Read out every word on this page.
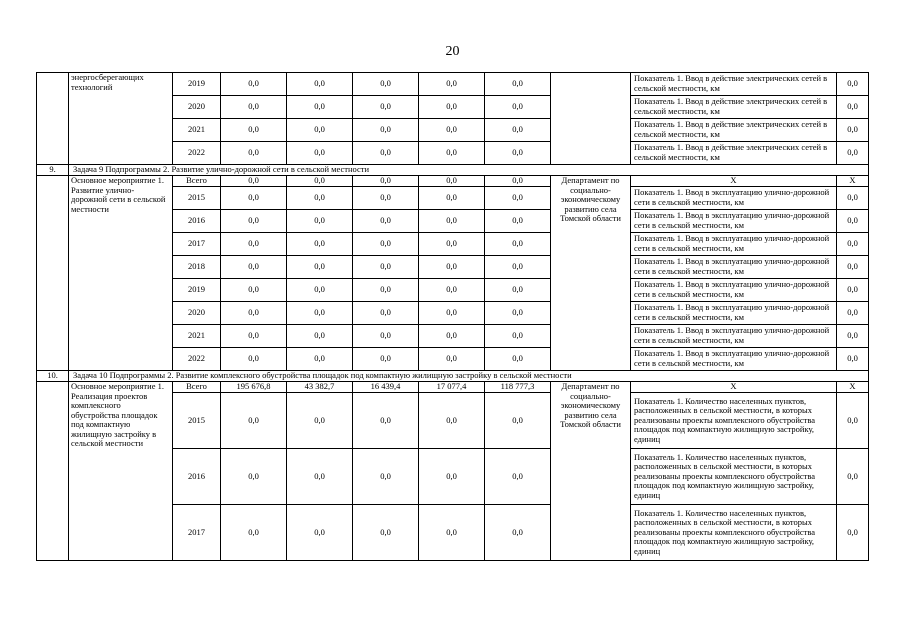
20
	энергосберегающих технологий	2019	0,0	0,0	0,0	0,0	0,0		Показатель 1. Ввод в действие электрических сетей в сельской местности, км	0,0
		2020	0,0	0,0	0,0	0,0	0,0		Показатель 1. Ввод в действие электрических сетей в сельской местности, км	0,0
		2021	0,0	0,0	0,0	0,0	0,0		Показатель 1. Ввод в действие электрических сетей в сельской местности, км	0,0
		2022	0,0	0,0	0,0	0,0	0,0		Показатель 1. Ввод в действие электрических сетей в сельской местности, км	0,0
9.	Задача 9 Подпрограммы 2. Развитие улично-дорожной сети в сельской местности									
	Основное мероприятие 1. Развитие улично-дорожной сети в сельской местности	Всего	0,0	0,0	0,0	0,0	0,0	Департамент по социально-экономическому развитию села Томской области	Х	Х
		2015	0,0	0,0	0,0	0,0	0,0		Показатель 1. Ввод в эксплуатацию улично-дорожной сети в сельской местности, км	0,0
		2016	0,0	0,0	0,0	0,0	0,0		Показатель 1. Ввод в эксплуатацию улично-дорожной сети в сельской местности, км	0,0
		2017	0,0	0,0	0,0	0,0	0,0		Показатель 1. Ввод в эксплуатацию улично-дорожной сети в сельской местности, км	0,0
		2018	0,0	0,0	0,0	0,0	0,0		Показатель 1. Ввод в эксплуатацию улично-дорожной сети в сельской местности, км	0,0
		2019	0,0	0,0	0,0	0,0	0,0		Показатель 1. Ввод в эксплуатацию улично-дорожной сети в сельской местности, км	0,0
		2020	0,0	0,0	0,0	0,0	0,0		Показатель 1. Ввод в эксплуатацию улично-дорожной сети в сельской местности, км	0,0
		2021	0,0	0,0	0,0	0,0	0,0		Показатель 1. Ввод в эксплуатацию улично-дорожной сети в сельской местности, км	0,0
		2022	0,0	0,0	0,0	0,0	0,0		Показатель 1. Ввод в эксплуатацию улично-дорожной сети в сельской местности, км	0,0
10.	Задача 10 Подпрограммы 2. Развитие комплексного обустройства площадок под компактную жилищную застройку в сельской местности									
	Основное мероприятие 1. Реализация проектов комплексного обустройства площадок под компактную жилищную застройку в сельской местности	Всего	195 676,8	43 382,7	16 439,4	17 077,4	118 777,3	Департамент по социально-экономическому развитию села Томской области	Х	Х
		2015	0,0	0,0	0,0	0,0	0,0		Показатель 1. Количество населенных пунктов, расположенных в сельской местности, в которых реализованы проекты комплексного обустройства площадок под компактную жилищную застройку, единиц	0,0
		2016	0,0	0,0	0,0	0,0	0,0		Показатель 1. Количество населенных пунктов, расположенных в сельской местности, в которых реализованы проекты комплексного обустройства площадок под компактную жилищную застройку, единиц	0,0
		2017	0,0	0,0	0,0	0,0	0,0		Показатель 1. Количество населенных пунктов, расположенных в сельской местности, в которых реализованы проекты комплексного обустройства площадок под компактную жилищную застройку, единиц	0,0
